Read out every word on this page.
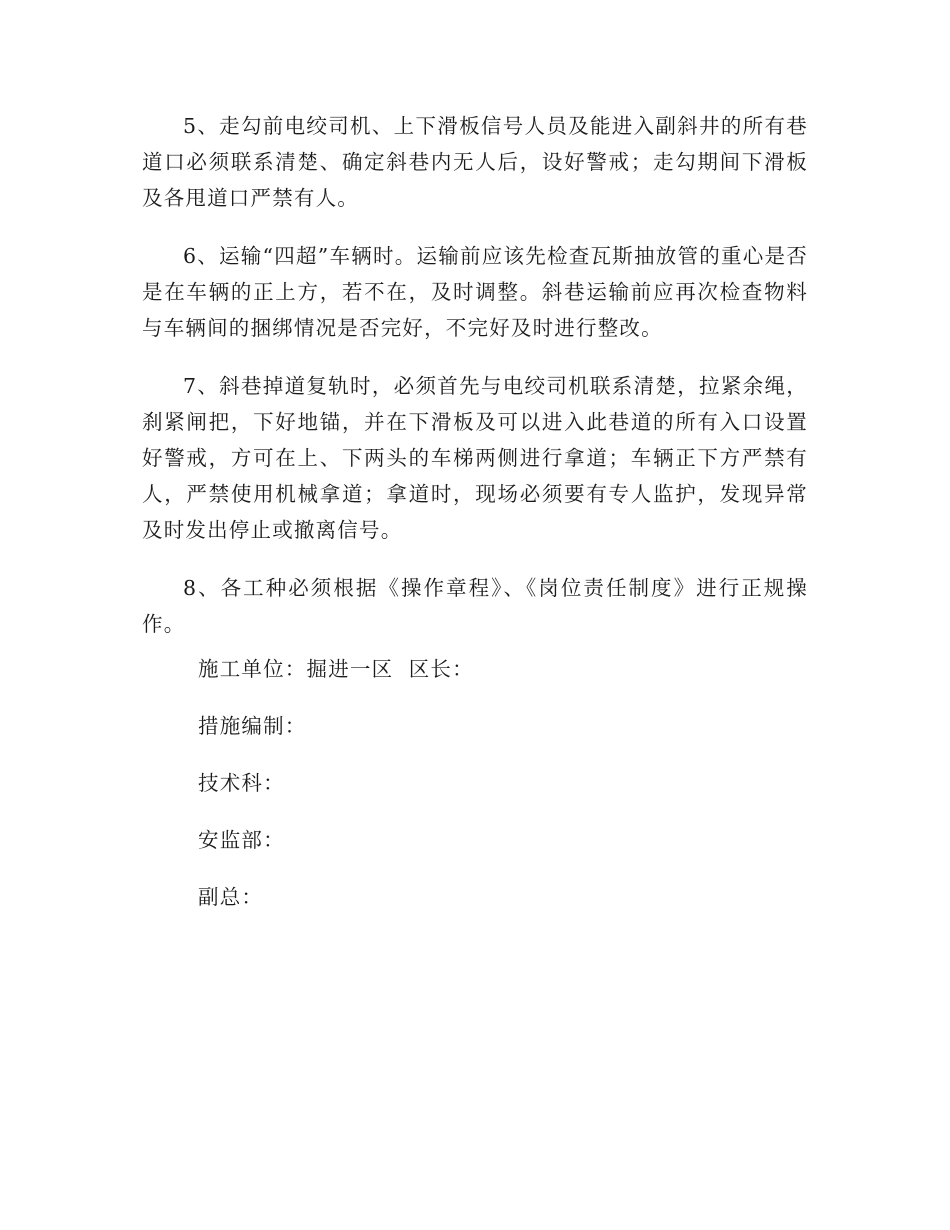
5、走勾前电绞司机、上下滑板信号人员及能进入副斜井的所有巷道口必须联系清楚、确定斜巷内无人后，设好警戒；走勾期间下滑板及各甩道口严禁有人。

6、运输“四超”车辆时。运输前应该先检查瓦斯抽放管的重心是否是在车辆的正上方，若不在，及时调整。斜巷运输前应再次检查物料与车辆间的捆绑情况是否完好，不完好及时进行整改。

7、斜巷掉道复轨时，必须首先与电绞司机联系清楚，拉紧余绳，刹紧闸把，下好地锚，并在下滑板及可以进入此巷道的所有入口设置好警戒，方可在上、下两头的车梯两侧进行拿道；车辆正下方严禁有人，严禁使用机械拿道；拿道时，现场必须要有专人监护，发现异常及时发出停止或撤离信号。

8、各工种必须根据《操作章程》、《岗位责任制度》进行正规操作。

施工单位：掘进一区  区长：

措施编制：

技术科：

安监部：

副总：
